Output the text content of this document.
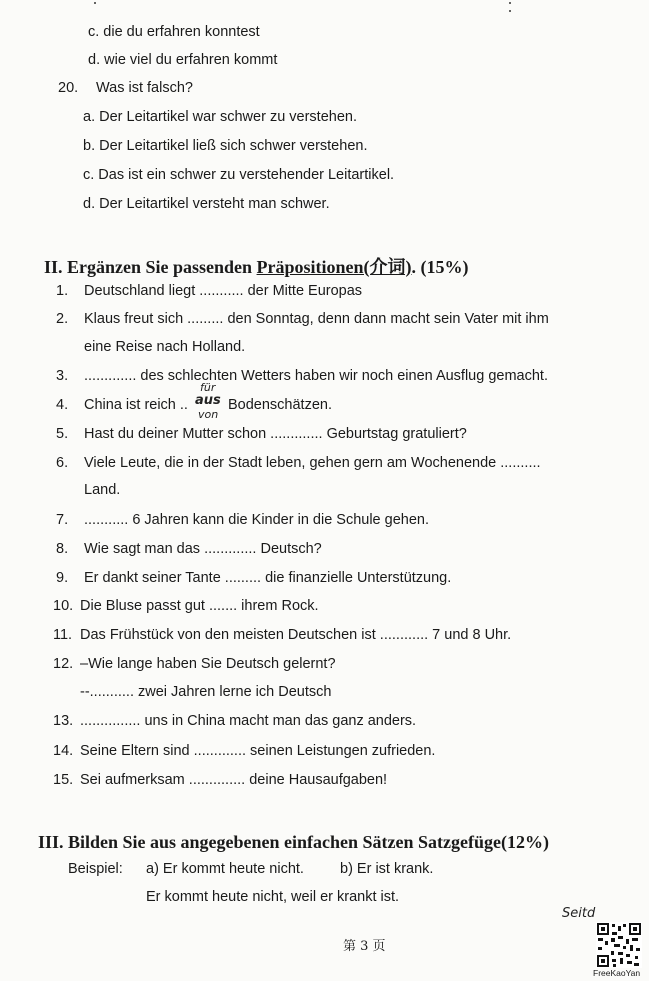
c. die du erfahren konntest
d. wie viel du erfahren kommt
20. Was ist falsch?
a. Der Leitartikel war schwer zu verstehen.
b. Der Leitartikel ließ sich schwer verstehen.
c. Das ist ein schwer zu verstehender Leitartikel.
d. Der Leitartikel versteht man schwer.
II. Ergänzen Sie passenden Präpositionen(介词). (15%)
1. Deutschland liegt ........... der Mitte Europas
2. Klaus freut sich ......... den Sonntag, denn dann macht sein Vater mit ihm
eine Reise nach Holland.
3. ............. des schlechten Wetters haben wir noch einen Ausflug gemacht.
4. China ist reich .. Bodenschätzen.
für
aus
von
5. Hast du deiner Mutter schon ............. Geburtstag gratuliert?
6. Viele Leute, die in der Stadt leben, gehen gern am Wochenende ..........
Land.
7. ........... 6 Jahren kann die Kinder in die Schule gehen.
8. Wie sagt man das ............. Deutsch?
9. Er dankt seiner Tante ......... die finanzielle Unterstützung.
10. Die Bluse passt gut ....... ihrem Rock.
11. Das Frühstück von den meisten Deutschen ist ............ 7 und 8 Uhr.
12. –Wie lange haben Sie Deutsch gelernt?
--........... zwei Jahren lerne ich Deutsch
13. ............... uns in China macht man das ganz anders.
14. Seine Eltern sind ............. seinen Leistungen zufrieden.
15. Sei aufmerksam .............. deine Hausaufgaben!
III. Bilden Sie aus angegebenen einfachen Sätzen Satzgefüge(12%)
Beispiel: a) Er kommt heute nicht. b) Er ist krank.
Er kommt heute nicht, weil er krankt ist.
第 3 页
Seitd
FreeKaoYan
